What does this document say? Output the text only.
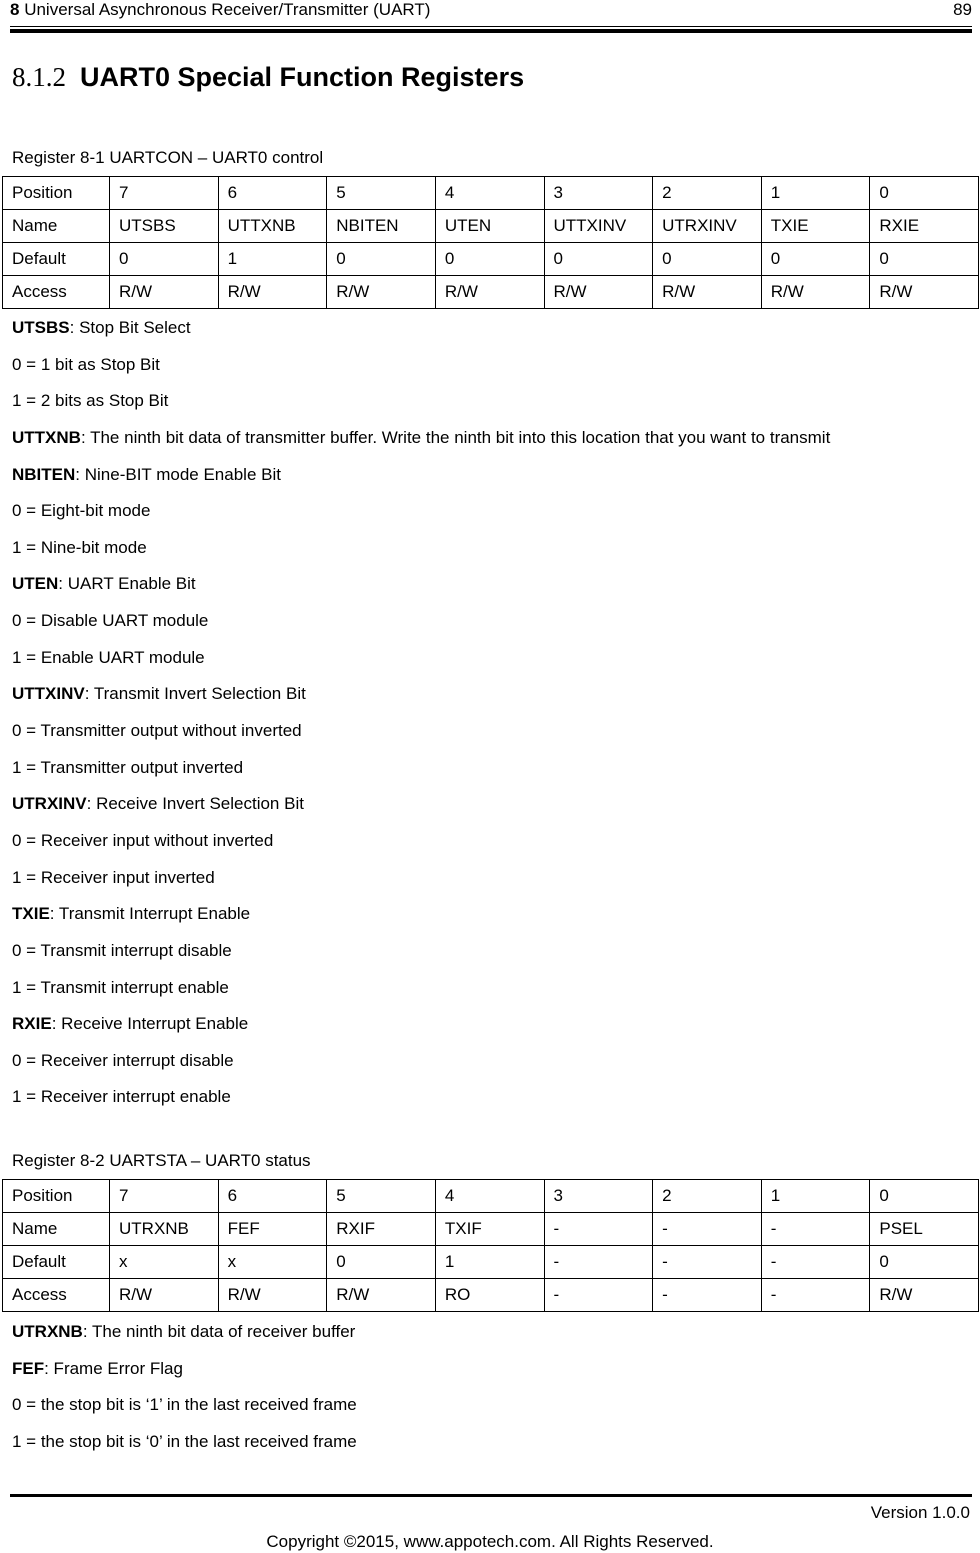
8 Universal Asynchronous Receiver/Transmitter (UART)	89
8.1.2 UART0 Special Function Registers
Register 8-1 UARTCON – UART0 control
Position	7	6	5	4	3	2	1	0
Name	UTSBS	UTTXNB	NBITEN	UTEN	UTTXINV	UTRXINV	TXIE	RXIE
Default	0	1	0	0	0	0	0	0
Access	R/W	R/W	R/W	R/W	R/W	R/W	R/W	R/W
UTSBS: Stop Bit Select
0 = 1 bit as Stop Bit
1 = 2 bits as Stop Bit
UTTXNB: The ninth bit data of transmitter buffer. Write the ninth bit into this location that you want to transmit
NBITEN: Nine-BIT mode Enable Bit
0 = Eight-bit mode
1 = Nine-bit mode
UTEN: UART Enable Bit
0 = Disable UART module
1 = Enable UART module
UTTXINV: Transmit Invert Selection Bit
0 = Transmitter output without inverted
1 = Transmitter output inverted
UTRXINV: Receive Invert Selection Bit
0 = Receiver input without inverted
1 = Receiver input inverted
TXIE: Transmit Interrupt Enable
0 = Transmit interrupt disable
1 = Transmit interrupt enable
RXIE: Receive Interrupt Enable
0 = Receiver interrupt disable
1 = Receiver interrupt enable
Register 8-2 UARTSTA – UART0 status
Position	7	6	5	4	3	2	1	0
Name	UTRXNB	FEF	RXIF	TXIF	-	-	-	PSEL
Default	x	x	0	1	-	-	-	0
Access	R/W	R/W	R/W	RO	-	-	-	R/W
UTRXNB: The ninth bit data of receiver buffer
FEF: Frame Error Flag
0 = the stop bit is ‘1’ in the last received frame
1 = the stop bit is ‘0’ in the last received frame
Version 1.0.0
Copyright ©2015, www.appotech.com. All Rights Reserved.
